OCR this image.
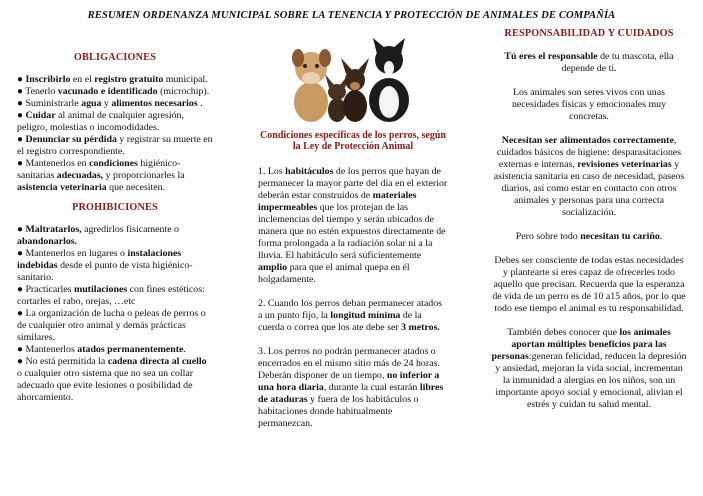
RESUMEN ORDENANZA MUNICIPAL SOBRE LA TENENCIA Y PROTECCIÓN DE ANIMALES DE COMPAÑÍA
OBLIGACIONES
● Inscribirlo en el registro gratuito municipal.
● Tenerlo vacunado e identificado (microchip).
● Suministrarle agua y alimentos necesarios .
● Cuidar al animal de cualquier agresión, peligro, molestias o incomodidades.
● Denunciar su pérdida y registrar su muerte en el registro correspondiente.
● Mantenerlos en condiciones higiénico-sanitarias adecuadas, y proporcionarles la asistencia veterinaria que necesiten.
PROHIBICIONES
● Maltratarlos, agredirlos físicamente o abandonarlos.
● Mantenerlos en lugares o instalaciones indebidas desde el punto de vista higiénico-sanitario.
● Practicarles mutilaciones con fines estéticos: cortarles el rabo, orejas, …etc
● La organización de lucha o peleas de perros o de cualquier otro animal y demás prácticas similares.
● Mantenerlos atados permanentemente.
● No está permitida la cadena directa al cuello o cualquier otro sistema que no sea un collar adecuado que evite lesiones o posibilidad de ahorcamiento.
Condiciones específicas de los perros, según la Ley de Protección Animal

1. Los habitáculos de los perros que hayan de permanecer la mayor parte del día en el exterior deberán estar construidos de materiales impermeables que los protejan de las inclemencias del tiempo y serán ubicados de manera que no estén expuestos directamente de forma prolongada a la radiación solar ni a la lluvia. El habitáculo será suficientemente amplio para que el animal quepa en él holgadamente.

2. Cuando los perros deban permanecer atados a un punto fijo, la longitud mínima de la cuerda o correa que los ate debe ser 3 metros.

3. Los perros no podrán permanecer atados o encerrados en el mismo sitio más de 24 horas. Deberán disponer de un tiempo, no inferior a una hora diaria, durante la cual estarán libres de ataduras y fuera de los habitáculos o habitaciones donde habitualmente permanezcan.

RESPONSABILIDAD Y CUIDADOS

Tú eres el responsable de tu mascota, ella depende de ti.

Los animales son seres vivos con unas necesidades físicas y emocionales muy concretas.

Necesitan ser alimentados correctamente, cuidados básicos de higiene: desparasitaciones externas e internas, revisiones veterinarias y asistencia sanitaria en caso de necesidad, paseos diarios, así como estar en contacto con otros animales y personas para una correcta socialización.

Pero sobre todo necesitan tu cariño.

Debes ser consciente de todas estas necesidades y plantearte si eres capaz de ofrecerles todo aquello que precisan. Recuerda que la esperanza de vida de un perro es de 10 a15 años, por lo que todo ese tiempo el animal es tu responsabilidad.

También debes conocer que los animales aportan múltiples beneficios para las personas:generan felicidad, reducen la depresión y ansiedad, mejoran la vida social, incrementan la inmunidad a alergias en los niños, son un importante apoyo social y emocional, alivian el estrés y cuidan tu salud mental.
